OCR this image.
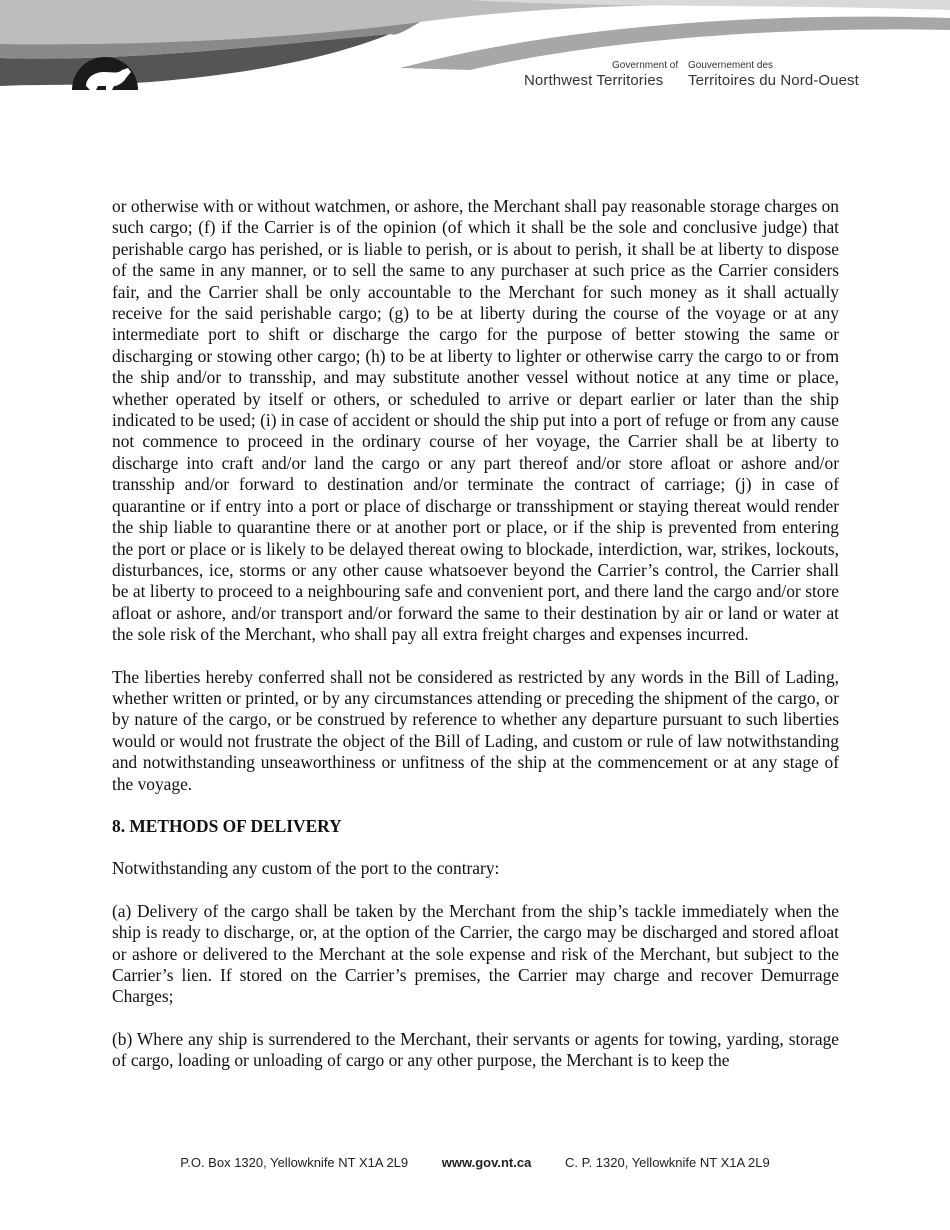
Government of
Northwest Territories
Gouvernement des
Territoires du Nord-Ouest

or otherwise with or without watchmen, or ashore, the Merchant shall pay reasonable storage charges on such cargo; (f) if the Carrier is of the opinion (of which it shall be the sole and conclusive judge) that perishable cargo has perished, or is liable to perish, or is about to perish, it shall be at liberty to dispose of the same in any manner, or to sell the same to any purchaser at such price as the Carrier considers fair, and the Carrier shall be only accountable to the Merchant for such money as it shall actually receive for the said perishable cargo; (g) to be at liberty during the course of the voyage or at any intermediate port to shift or discharge the cargo for the purpose of better stowing the same or discharging or stowing other cargo; (h) to be at liberty to lighter or otherwise carry the cargo to or from the ship and/or to transship, and may substitute another vessel without notice at any time or place, whether operated by itself or others, or scheduled to arrive or depart earlier or later than the ship indicated to be used; (i) in case of accident or should the ship put into a port of refuge or from any cause not commence to proceed in the ordinary course of her voyage, the Carrier shall be at liberty to discharge into craft and/or land the cargo or any part thereof and/or store afloat or ashore and/or transship and/or forward to destination and/or terminate the contract of carriage; (j) in case of quarantine or if entry into a port or place of discharge or transshipment or staying thereat would render the ship liable to quarantine there or at another port or place, or if the ship is prevented from entering the port or place or is likely to be delayed thereat owing to blockade, interdiction, war, strikes, lockouts, disturbances, ice, storms or any other cause whatsoever beyond the Carrier’s control, the Carrier shall be at liberty to proceed to a neighbouring safe and convenient port, and there land the cargo and/or store afloat or ashore, and/or transport and/or forward the same to their destination by air or land or water at the sole risk of the Merchant, who shall pay all extra freight charges and expenses incurred.

The liberties hereby conferred shall not be considered as restricted by any words in the Bill of Lading, whether written or printed, or by any circumstances attending or preceding the shipment of the cargo, or by nature of the cargo, or be construed by reference to whether any departure pursuant to such liberties would or would not frustrate the object of the Bill of Lading, and custom or rule of law notwithstanding and notwithstanding unseaworthiness or unfitness of the ship at the commencement or at any stage of the voyage.

8. METHODS OF DELIVERY

Notwithstanding any custom of the port to the contrary:

(a) Delivery of the cargo shall be taken by the Merchant from the ship’s tackle immediately when the ship is ready to discharge, or, at the option of the Carrier, the cargo may be discharged and stored afloat or ashore or delivered to the Merchant at the sole expense and risk of the Merchant, but subject to the Carrier’s lien. If stored on the Carrier’s premises, the Carrier may charge and recover Demurrage Charges;

(b) Where any ship is surrendered to the Merchant, their servants or agents for towing, yarding, storage of cargo, loading or unloading of cargo or any other purpose, the Merchant is to keep the

P.O. Box 1320, Yellowknife NT X1A 2L9	www.gov.nt.ca	C. P. 1320, Yellowknife NT X1A 2L9
